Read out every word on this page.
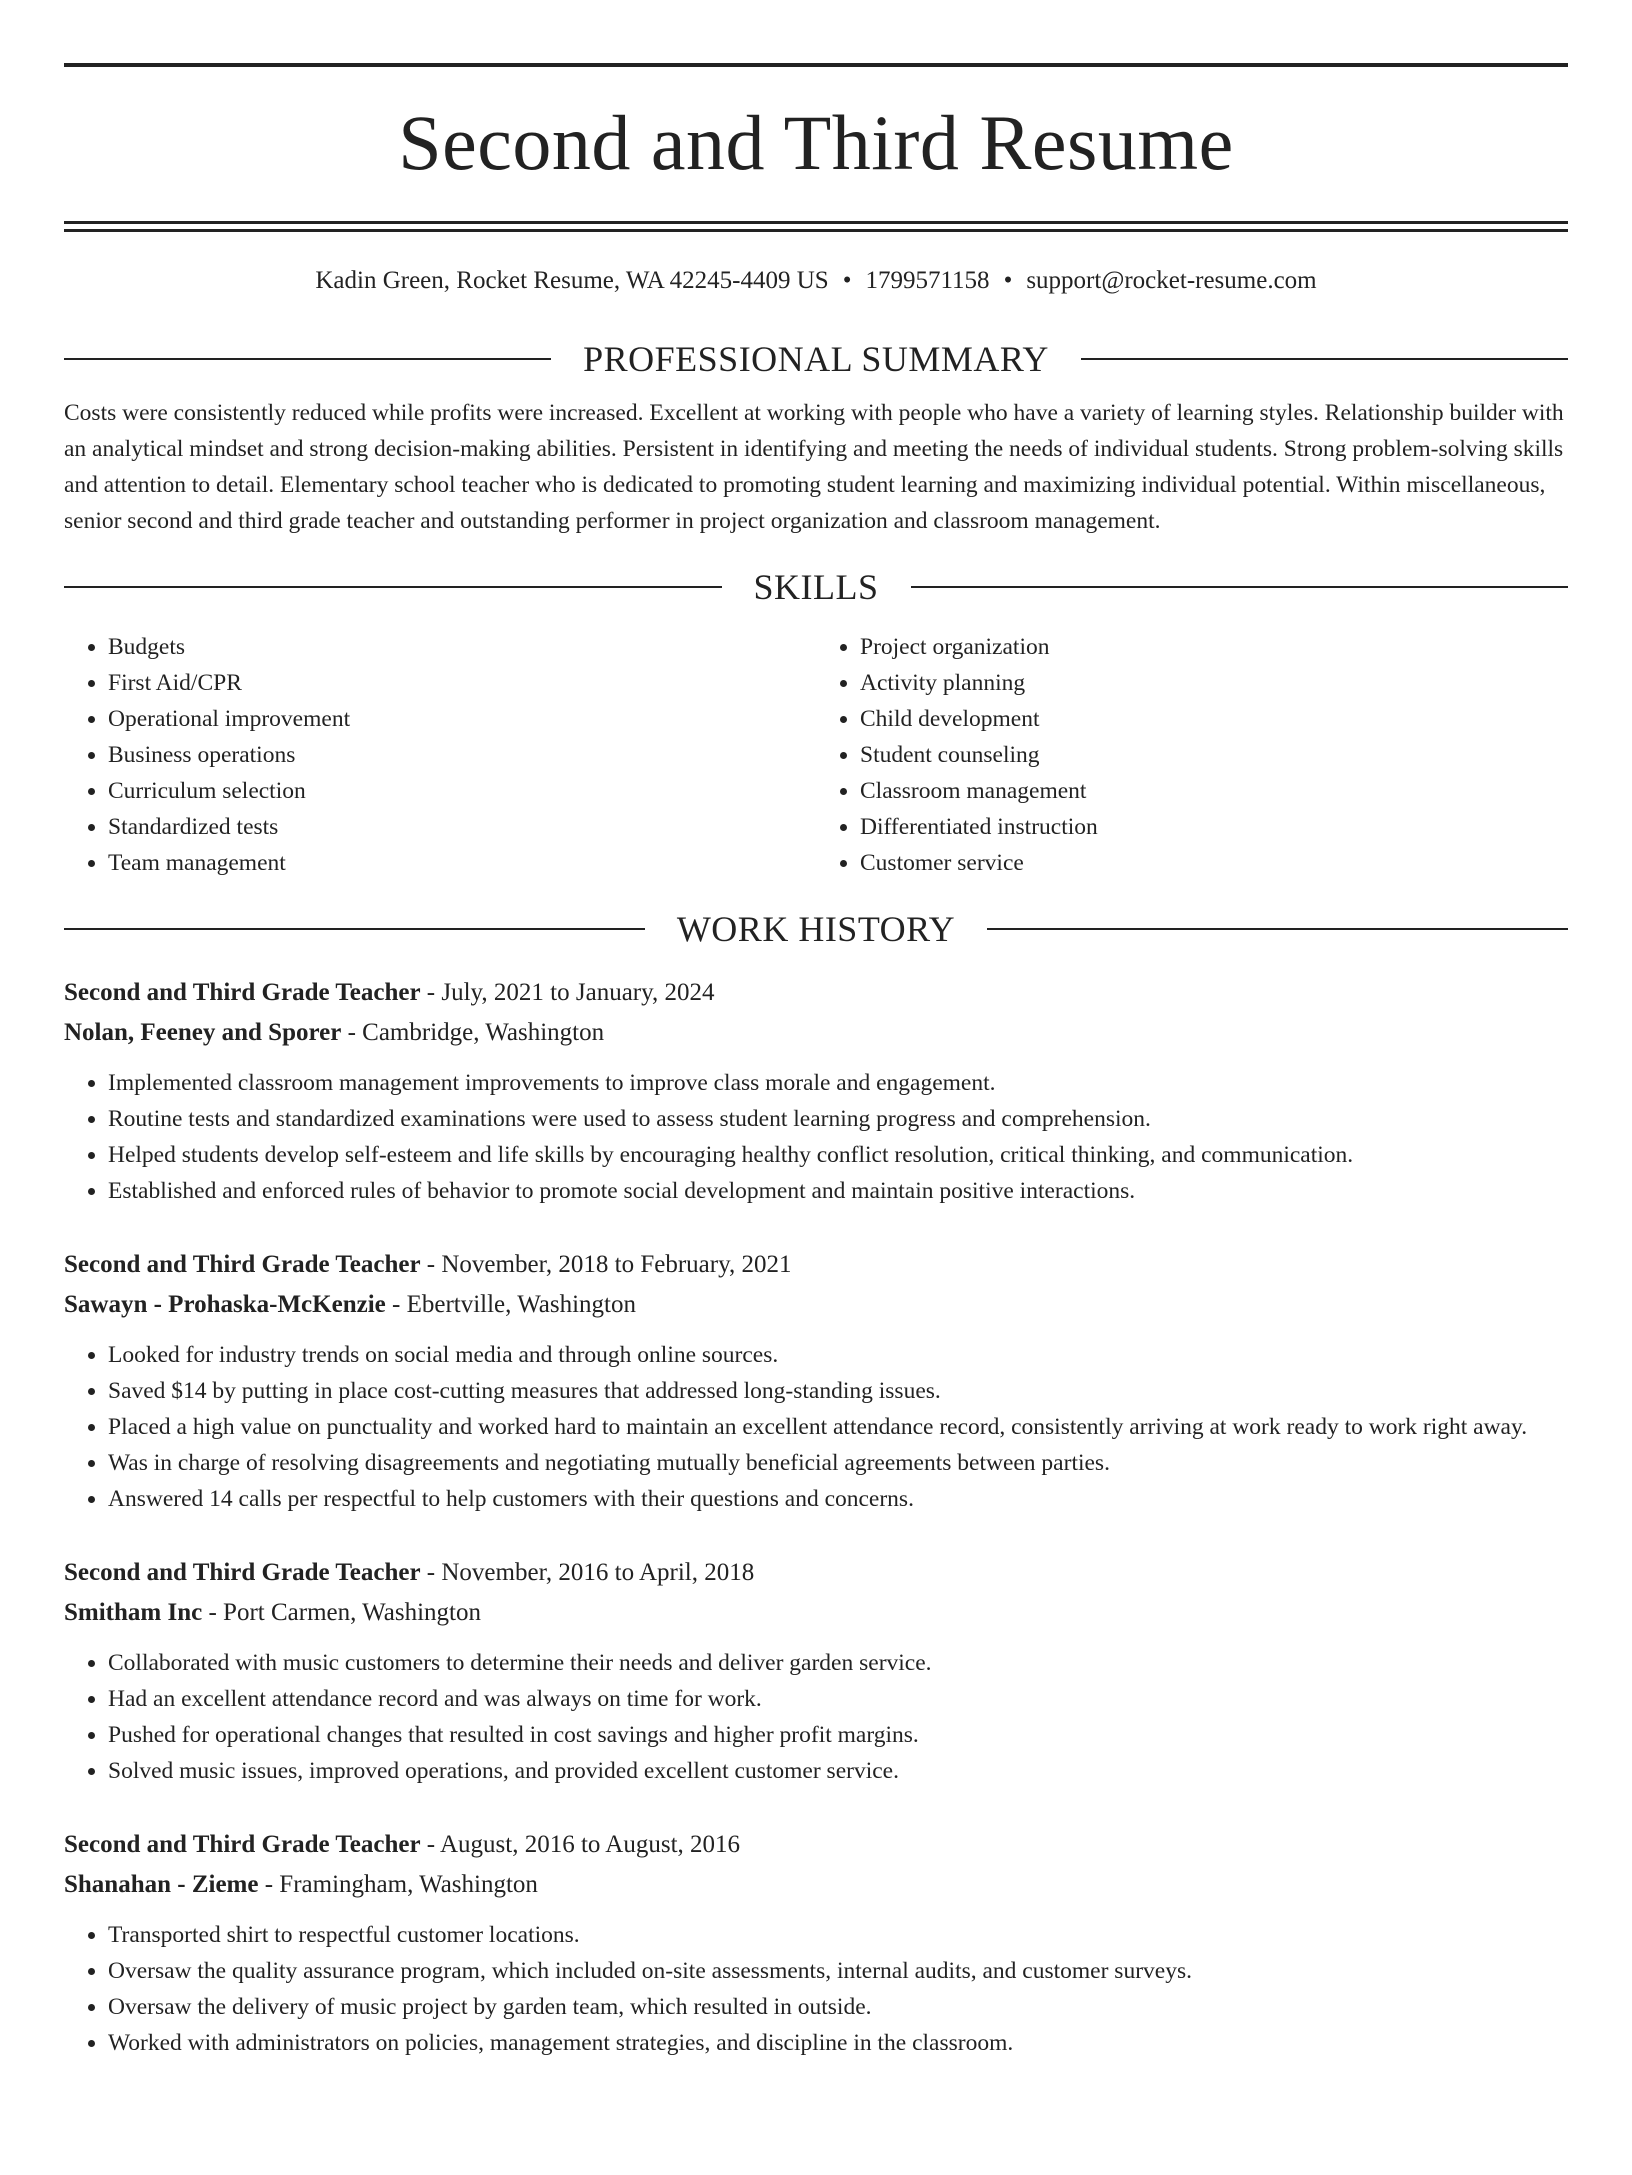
Second and Third Resume
Kadin Green, Rocket Resume, WA 42245-4409 US • 1799571158 • support@rocket-resume.com
PROFESSIONAL SUMMARY

Costs were consistently reduced while profits were increased. Excellent at working with people who have a variety of learning styles. Relationship builder with an analytical mindset and strong decision-making abilities. Persistent in identifying and meeting the needs of individual students. Strong problem-solving skills and attention to detail. Elementary school teacher who is dedicated to promoting student learning and maximizing individual potential. Within miscellaneous, senior second and third grade teacher and outstanding performer in project organization and classroom management.

SKILLS
• Budgets
• First Aid/CPR
• Operational improvement
• Business operations
• Curriculum selection
• Standardized tests
• Team management
• Project organization
• Activity planning
• Child development
• Student counseling
• Classroom management
• Differentiated instruction
• Customer service
WORK HISTORY
Second and Third Grade Teacher - July, 2021 to January, 2024
Nolan, Feeney and Sporer - Cambridge, Washington
• Implemented classroom management improvements to improve class morale and engagement.
• Routine tests and standardized examinations were used to assess student learning progress and comprehension.
• Helped students develop self-esteem and life skills by encouraging healthy conflict resolution, critical thinking, and communication.
• Established and enforced rules of behavior to promote social development and maintain positive interactions.
Second and Third Grade Teacher - November, 2018 to February, 2021
Sawayn - Prohaska-McKenzie - Ebertville, Washington
• Looked for industry trends on social media and through online sources.
• Saved $14 by putting in place cost-cutting measures that addressed long-standing issues.
• Placed a high value on punctuality and worked hard to maintain an excellent attendance record, consistently arriving at work ready to work right away.
• Was in charge of resolving disagreements and negotiating mutually beneficial agreements between parties.
• Answered 14 calls per respectful to help customers with their questions and concerns.
Second and Third Grade Teacher - November, 2016 to April, 2018
Smitham Inc - Port Carmen, Washington
• Collaborated with music customers to determine their needs and deliver garden service.
• Had an excellent attendance record and was always on time for work.
• Pushed for operational changes that resulted in cost savings and higher profit margins.
• Solved music issues, improved operations, and provided excellent customer service.
Second and Third Grade Teacher - August, 2016 to August, 2016
Shanahan - Zieme - Framingham, Washington
• Transported shirt to respectful customer locations.
• Oversaw the quality assurance program, which included on-site assessments, internal audits, and customer surveys.
• Oversaw the delivery of music project by garden team, which resulted in outside.
• Worked with administrators on policies, management strategies, and discipline in the classroom.
